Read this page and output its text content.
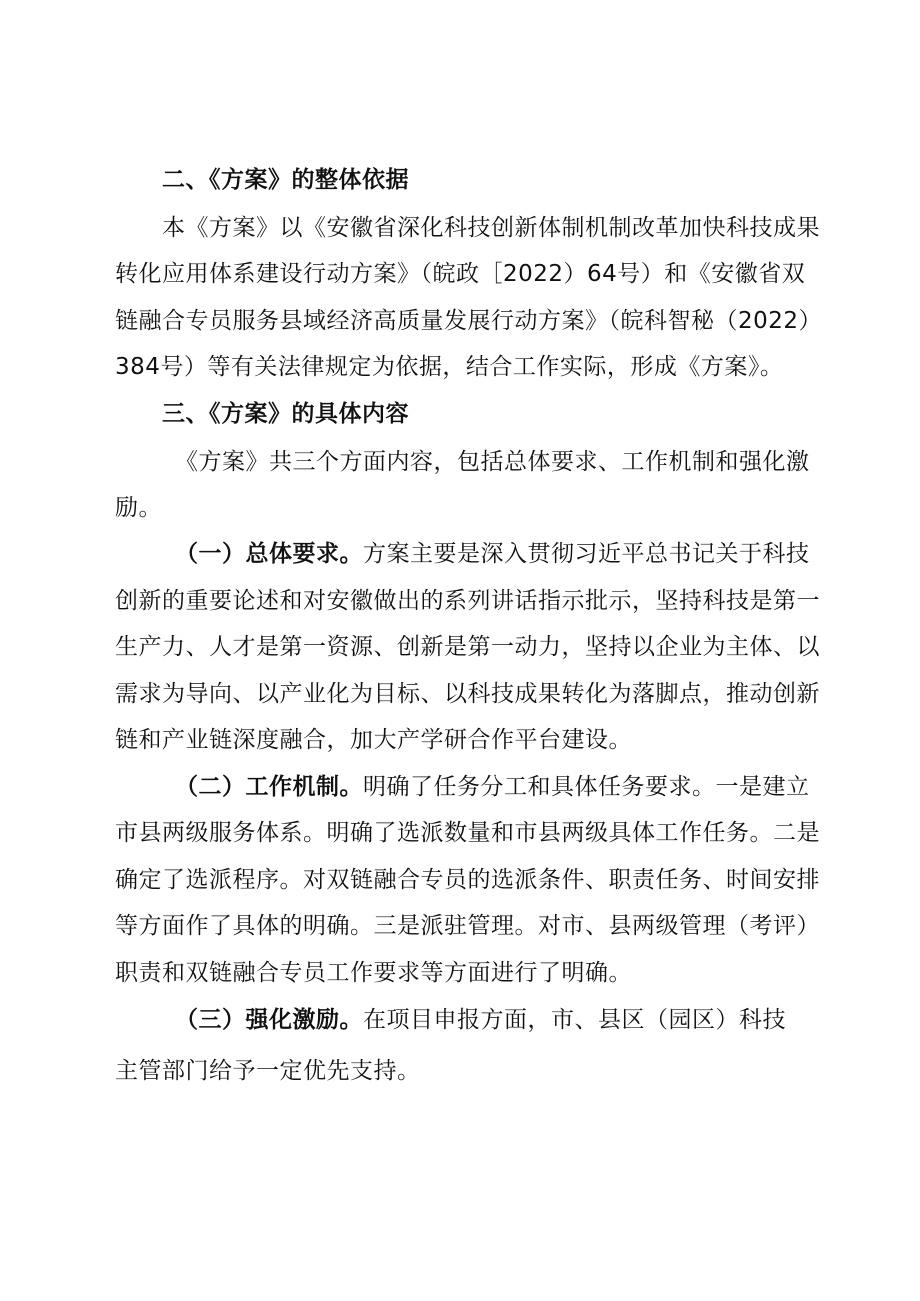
二、《方案》的整体依据
本《方案》以《安徽省深化科技创新体制机制改革加快科技成果
转化应用体系建设行动方案》（皖政［2022）64号）和《安徽省双
链融合专员服务县域经济高质量发展行动方案》（皖科智秘（2022）
384号）等有关法律规定为依据，结合工作实际，形成《方案》。
三、《方案》的具体内容
《方案》共三个方面内容，包括总体要求、工作机制和强化激
励。
（一）总体要求。方案主要是深入贯彻习近平总书记关于科技
创新的重要论述和对安徽做出的系列讲话指示批示，坚持科技是第一
生产力、人才是第一资源、创新是第一动力，坚持以企业为主体、以
需求为导向、以产业化为目标、以科技成果转化为落脚点，推动创新
链和产业链深度融合，加大产学研合作平台建设。
（二）工作机制。明确了任务分工和具体任务要求。一是建立
市县两级服务体系。明确了选派数量和市县两级具体工作任务。二是
确定了选派程序。对双链融合专员的选派条件、职责任务、时间安排
等方面作了具体的明确。三是派驻管理。对市、县两级管理（考评）
职责和双链融合专员工作要求等方面进行了明确。
（三）强化激励。在项目申报方面，市、县区（园区）科技
主管部门给予一定优先支持。
